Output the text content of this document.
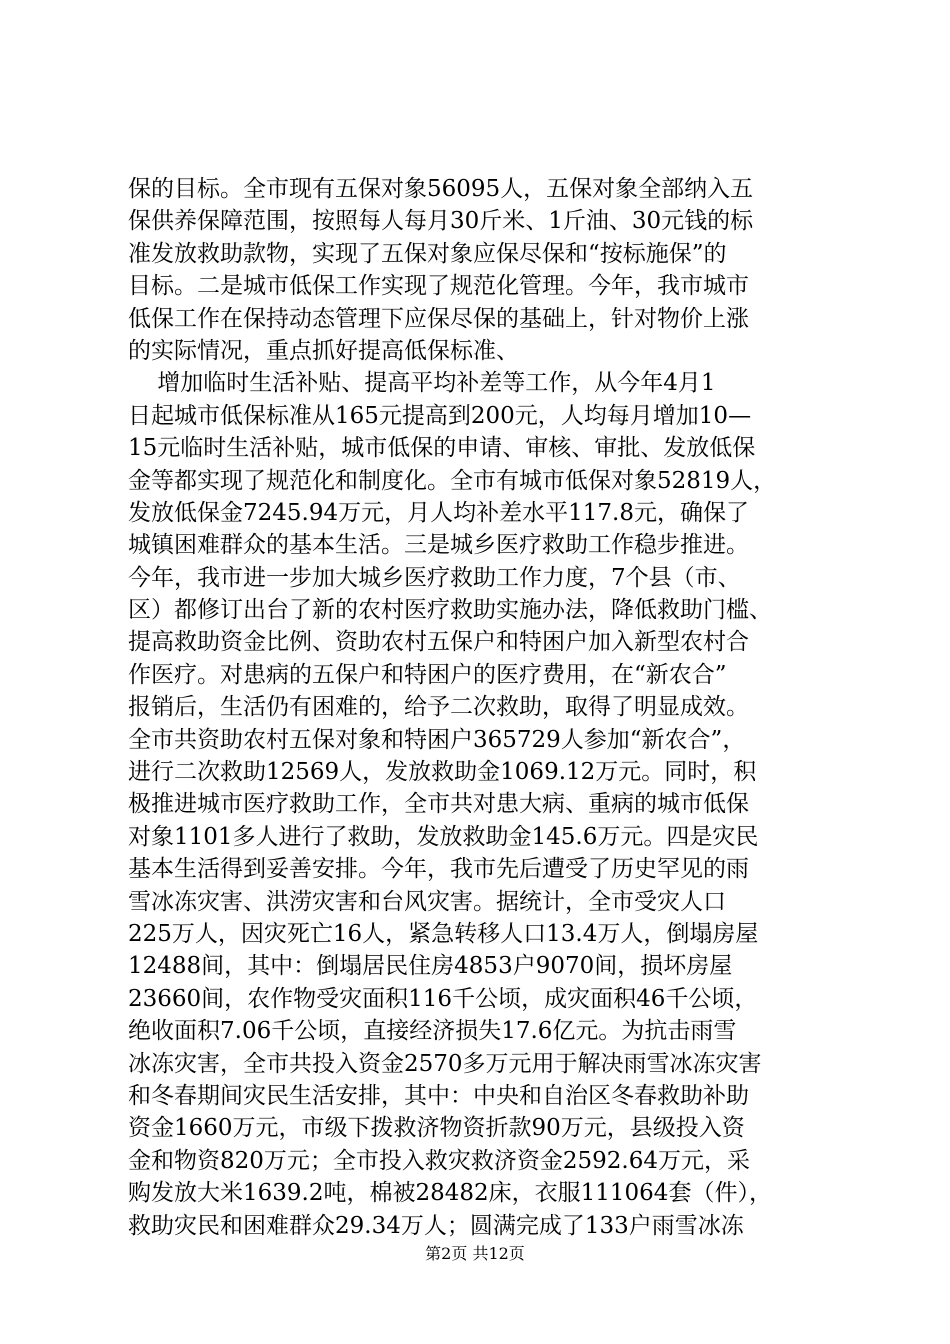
保的目标。全市现有五保对象56095人，五保对象全部纳入五
保供养保障范围，按照每人每月30斤米、1斤油、30元钱的标
准发放救助款物，实现了五保对象应保尽保和“按标施保”的
目标。二是城市低保工作实现了规范化管理。今年，我市城市
低保工作在保持动态管理下应保尽保的基础上，针对物价上涨
的实际情况，重点抓好提高低保标准、
增加临时生活补贴、提高平均补差等工作，从今年4月1
日起城市低保标准从165元提高到200元，人均每月增加10—
15元临时生活补贴，城市低保的申请、审核、审批、发放低保
金等都实现了规范化和制度化。全市有城市低保对象52819人，
发放低保金7245.94万元，月人均补差水平117.8元，确保了
城镇困难群众的基本生活。三是城乡医疗救助工作稳步推进。
今年，我市进一步加大城乡医疗救助工作力度，7个县（市、
区）都修订出台了新的农村医疗救助实施办法，降低救助门槛、
提高救助资金比例、资助农村五保户和特困户加入新型农村合
作医疗。对患病的五保户和特困户的医疗费用，在“新农合”
报销后，生活仍有困难的，给予二次救助，取得了明显成效。
全市共资助农村五保对象和特困户365729人参加“新农合”，
进行二次救助12569人，发放救助金1069.12万元。同时，积
极推进城市医疗救助工作，全市共对患大病、重病的城市低保
对象1101多人进行了救助，发放救助金145.6万元。四是灾民
基本生活得到妥善安排。今年，我市先后遭受了历史罕见的雨
雪冰冻灾害、洪涝灾害和台风灾害。据统计，全市受灾人口
225万人，因灾死亡16人，紧急转移人口13.4万人，倒塌房屋
12488间，其中：倒塌居民住房4853户9070间，损坏房屋
23660间，农作物受灾面积116千公顷，成灾面积46千公顷，
绝收面积7.06千公顷，直接经济损失17.6亿元。为抗击雨雪
冰冻灾害，全市共投入资金2570多万元用于解决雨雪冰冻灾害
和冬春期间灾民生活安排，其中：中央和自治区冬春救助补助
资金1660万元，市级下拨救济物资折款90万元，县级投入资
金和物资820万元；全市投入救灾救济资金2592.64万元，采
购发放大米1639.2吨，棉被28482床，衣服111064套（件），
救助灾民和困难群众29.34万人；圆满完成了133户雨雪冰冻
第2页 共12页
